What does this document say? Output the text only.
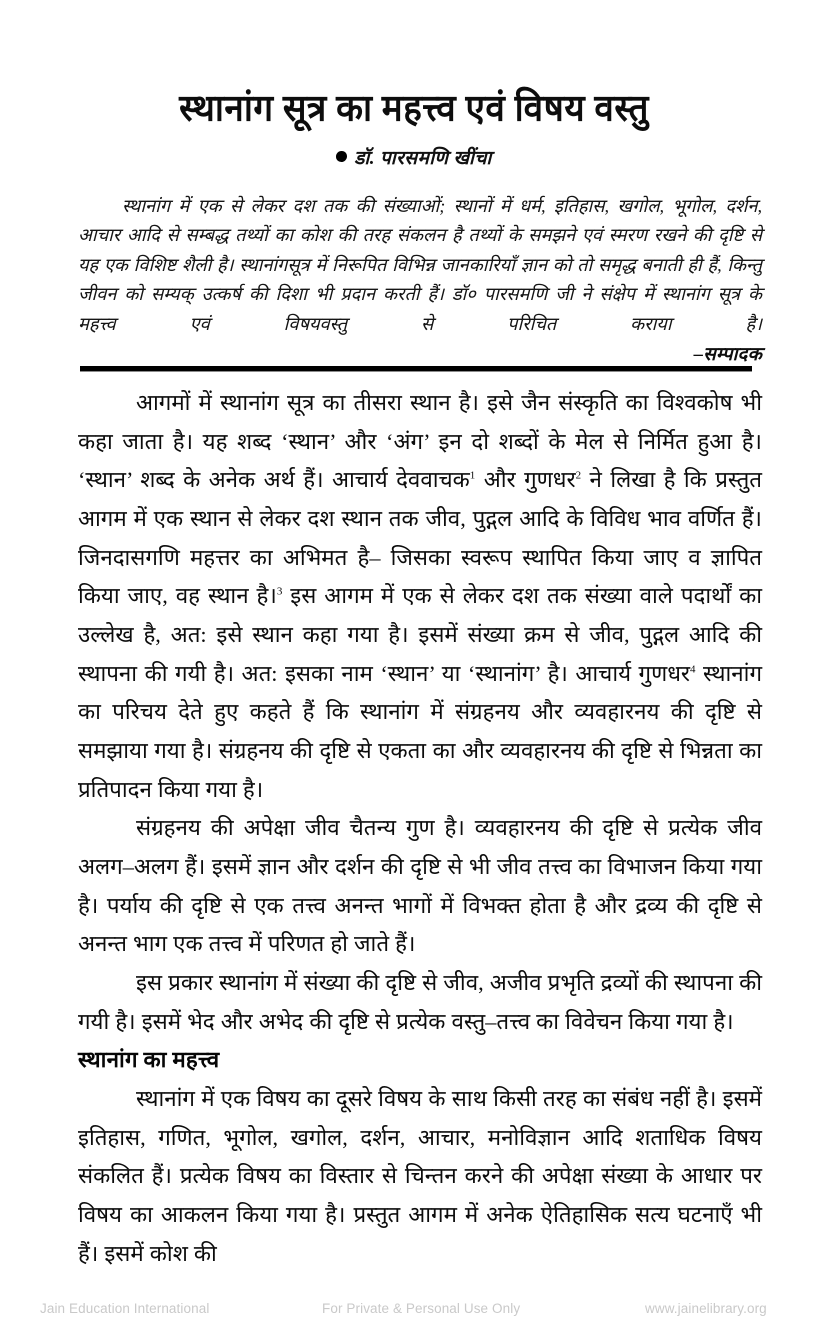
स्थानांग सूत्र का महत्त्व एवं विषय वस्तु
डॉ. पारसमणि खींचा
स्थानांग में एक से लेकर दश तक की संख्याओं; स्थानों में धर्म, इतिहास, खगोल, भूगोल, दर्शन, आचार आदि से सम्बद्ध तथ्यों का कोश की तरह संकलन है तथ्यों के समझने एवं स्मरण रखने की दृष्टि से यह एक विशिष्ट शैली है। स्थानांगसूत्र में निरूपित विभिन्न जानकारियाँ ज्ञान को तो समृद्ध बनाती ही हैं, किन्तु जीवन को सम्यक् उत्कर्ष की दिशा भी प्रदान करती हैं। डॉ० पारसमणि जी ने संक्षेप में स्थानांग सूत्र के महत्त्व एवं विषयवस्तु से परिचित कराया है।
–सम्पादक
आगमों में स्थानांग सूत्र का तीसरा स्थान है। इसे जैन संस्कृति का विश्वकोष भी कहा जाता है। यह शब्द ‘स्थान’ और ‘अंग’ इन दो शब्दों के मेल से निर्मित हुआ है। ‘स्थान’ शब्द के अनेक अर्थ हैं। आचार्य देववाचक$^1$ और गुणधर$^2$ ने लिखा है कि प्रस्तुत आगम में एक स्थान से लेकर दश स्थान तक जीव, पुद्गल आदि के विविध भाव वर्णित हैं। जिनदासगणि महत्तर का अभिमत है– जिसका स्वरूप स्थापित किया जाए व ज्ञापित किया जाए, वह स्थान है।$^3$ इस आगम में एक से लेकर दश तक संख्या वाले पदार्थों का उल्लेख है, अत: इसे स्थान कहा गया है। इसमें संख्या क्रम से जीव, पुद्गल आदि की स्थापना की गयी है। अत: इसका नाम ‘स्थान’ या ‘स्थानांग’ है। आचार्य गुणधर$^4$ स्थानांग का परिचय देते हुए कहते हैं कि स्थानांग में संग्रहनय और व्यवहारनय की दृष्टि से समझाया गया है। संग्रहनय की दृष्टि से एकता का और व्यवहारनय की दृष्टि से भिन्नता का प्रतिपादन किया गया है।
संग्रहनय की अपेक्षा जीव चैतन्य गुण है। व्यवहारनय की दृष्टि से प्रत्येक जीव अलग–अलग हैं। इसमें ज्ञान और दर्शन की दृष्टि से भी जीव तत्त्व का विभाजन किया गया है। पर्याय की दृष्टि से एक तत्त्व अनन्त भागों में विभक्त होता है और द्रव्य की दृष्टि से अनन्त भाग एक तत्त्व में परिणत हो जाते हैं।
इस प्रकार स्थानांग में संख्या की दृष्टि से जीव, अजीव प्रभृति द्रव्यों की स्थापना की गयी है। इसमें भेद और अभेद की दृष्टि से प्रत्येक वस्तु–तत्त्व का विवेचन किया गया है।
स्थानांग का महत्त्व
स्थानांग में एक विषय का दूसरे विषय के साथ किसी तरह का संबंध नहीं है। इसमें इतिहास, गणित, भूगोल, खगोल, दर्शन, आचार, मनोविज्ञान आदि शताधिक विषय संकलित हैं। प्रत्येक विषय का विस्तार से चिन्तन करने की अपेक्षा संख्या के आधार पर विषय का आकलन किया गया है। प्रस्तुत आगम में अनेक ऐतिहासिक सत्य घटनाएँ भी हैं। इसमें कोश की
Jain Education International	For Private & Personal Use Only	www.jainelibrary.org
